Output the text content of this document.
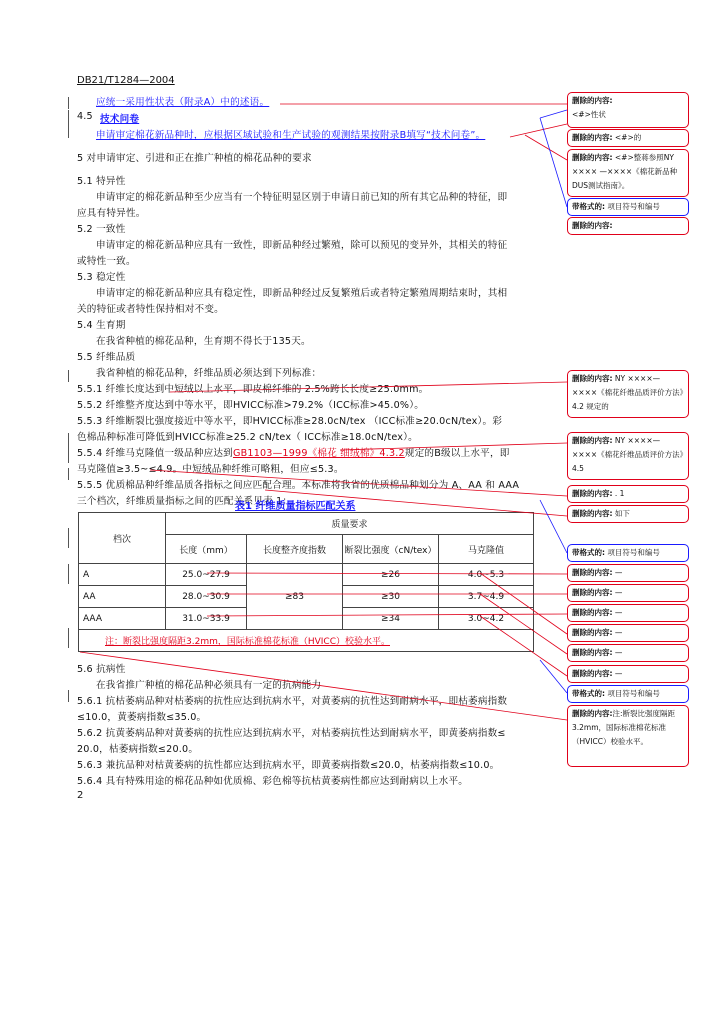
DB21/T1284—2004
应统一采用性状表（附录A）中的述语。
4.5 技术问卷
申请审定棉花新品种时，应根据区域试验和生产试验的观测结果按附录B填写“技术问卷”。
5 对申请审定、引进和正在推广种植的棉花品种的要求
5.1 特异性
申请审定的棉花新品种至少应当有一个特征明显区别于申请日前已知的所有其它品种的特征，即
应具有特异性。
5.2 一致性
申请审定的棉花新品种应具有一致性，即新品种经过繁殖，除可以预见的变异外，其相关的特征
或特性一致。
5.3 稳定性
申请审定的棉花新品种应具有稳定性，即新品种经过反复繁殖后或者特定繁殖周期结束时，其相
关的特征或者特性保持相对不变。
5.4 生育期
在我省种植的棉花品种，生育期不得长于135天。
5.5 纤维品质
我省种植的棉花品种，纤维品质必须达到下列标准：
5.5.1 纤维长度达到中短绒以上水平，即皮棉纤维的 2.5%跨长长度≥25.0mm。
5.5.2 纤维整齐度达到中等水平，即HVICC标准>79.2%（ICC标准>45.0%）。
5.5.3 纤维断裂比强度接近中等水平，即HVICC标准≥28.0cN/tex （ICC标准≥20.0cN/tex）。彩
色棉品种标准可降低到HVICC标准≥25.2 cN/tex（ ICC标准≥18.0cN/tex）。
5.5.4 纤维马克隆值一级品种应达到GB1103—1999《棉花 细绒棉》4.3.2规定的B级以上水平，即
马克隆值≥3.5~≤4.9。中短绒品种纤维可略粗，但应≤5.3。
5.5.5 优质棉品种纤维品质各指标之间应匹配合理。本标准将我省的优质棉品种划分为 A、AA 和 AAA
三个档次，纤维质量指标之间的匹配关系见表 1：
表1 纤维质量指标匹配关系
档次	质量要求			
	长度（mm）	长度整齐度指数	断裂比强度（cN/tex）	马克隆值
A	25.0~27.9	≥83	≥26	4.0~5.3
AA	28.0~30.9		≥30	3.7~4.9
AAA	31.0~33.9		≥34	3.0~4.2
注：断裂比强度隔距3.2mm，国际标准棉花标准（HVICC）校验水平。				
5.6 抗病性
在我省推广种植的棉花品种必须具有一定的抗病能力
5.6.1 抗枯萎病品种对枯萎病的抗性应达到抗病水平，对黄萎病的抗性达到耐病水平，即枯萎病指数
≤10.0，黄萎病指数≤35.0。
5.6.2 抗黄萎病品种对黄萎病的抗性应达到抗病水平，对枯萎病抗性达到耐病水平，即黄萎病指数≤
20.0，枯萎病指数≤20.0。
5.6.3 兼抗品种对枯黄萎病的抗性都应达到抗病水平，即黄萎病指数≤20.0，枯萎病指数≤10.0。
5.6.4 具有特殊用途的棉花品种如优质棉、彩色棉等抗枯黄萎病性都应达到耐病以上水平。
2
删除的内容:
<#>性状
删除的内容: <#>的
删除的内容: <#>整蒋参照NY ×××× —××××《棉花新品种DUS测试指南》。
带格式的: 项目符号和编号
删除的内容:
删除的内容: NY ××××—××××《棉花纤维品质评价方法》4.2 规定的
删除的内容: NY ××××—××××《棉花纤维品质评价方法》4.5
删除的内容: . 1
删除的内容: 如下
带格式的: 项目符号和编号
删除的内容: —
删除的内容: —
删除的内容: —
删除的内容: —
删除的内容: —
删除的内容: —
带格式的: 项目符号和编号
删除的内容:注:断裂比强度隔距 3.2mm，国际标准棉花标准（HVICC）校验水平。
